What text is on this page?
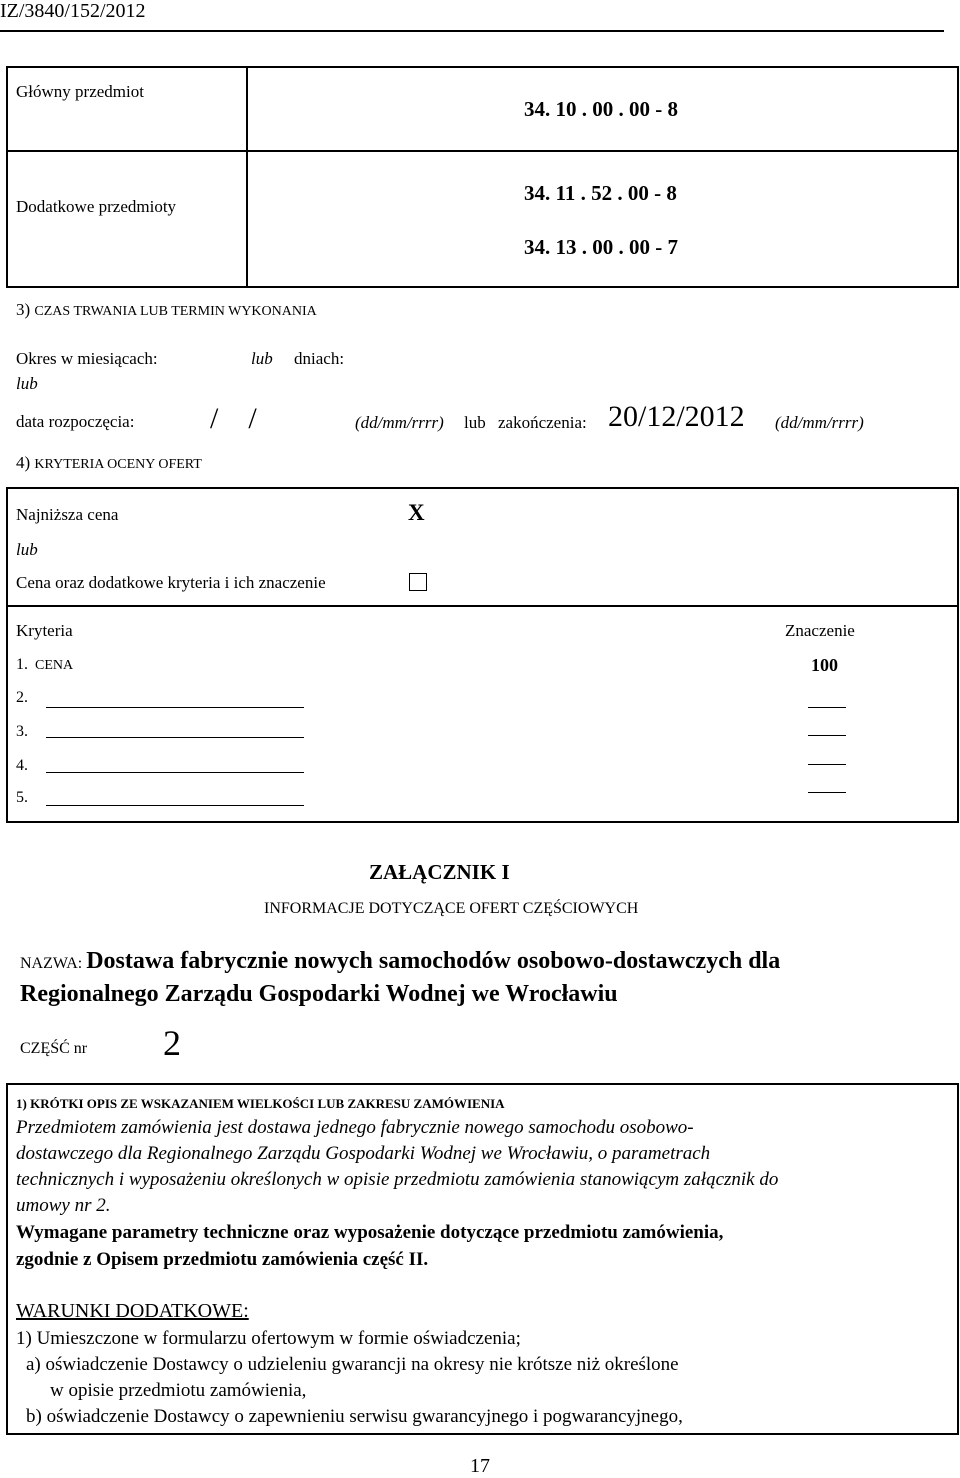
IZ/3840/152/2012
Główny przedmiot
34. 10 . 00 . 00 - 8
Dodatkowe przedmioty
34. 11 . 52 . 00 - 8
34. 13 . 00 . 00 - 7
3) CZAS TRWANIA LUB TERMIN WYKONANIA
Okres w miesiącach:	lub dniach:
lub
data rozpoczęcia:	/    /	(dd/mm/rrrr) lub zakończenia: 20/12/2012 (dd/mm/rrrr)
4) KRYTERIA OCENY OFERT
Najniższa cena	X
lub
Cena oraz dodatkowe kryteria i ich znaczenie
Kryteria	Znaczenie
1. CENA	100
2.
3.
4.
5.
ZAŁĄCZNIK I
INFORMACJE DOTYCZĄCE OFERT CZĘŚCIOWYCH
NAZWA: Dostawa fabrycznie nowych samochodów osobowo-dostawczych dla
Regionalnego Zarządu Gospodarki Wodnej we Wrocławiu
CZĘŚĆ nr 2
1) KRÓTKI OPIS ZE WSKAZANIEM WIELKOŚCI LUB ZAKRESU ZAMÓWIENIA
Przedmiotem zamówienia jest dostawa jednego fabrycznie nowego samochodu osobowo-
dostawczego dla Regionalnego Zarządu Gospodarki Wodnej we Wrocławiu, o parametrach
technicznych i wyposażeniu określonych w opisie przedmiotu zamówienia stanowiącym załącznik do
umowy nr 2.
Wymagane parametry techniczne oraz wyposażenie dotyczące przedmiotu zamówienia,
zgodnie z Opisem przedmiotu zamówienia część II.
WARUNKI DODATKOWE:
1) Umieszczone w formularzu ofertowym w formie oświadczenia;
a) oświadczenie Dostawcy o udzieleniu gwarancji na okresy nie krótsze niż określone
w opisie przedmiotu zamówienia,
b) oświadczenie Dostawcy o zapewnieniu serwisu gwarancyjnego i pogwarancyjnego,
17
